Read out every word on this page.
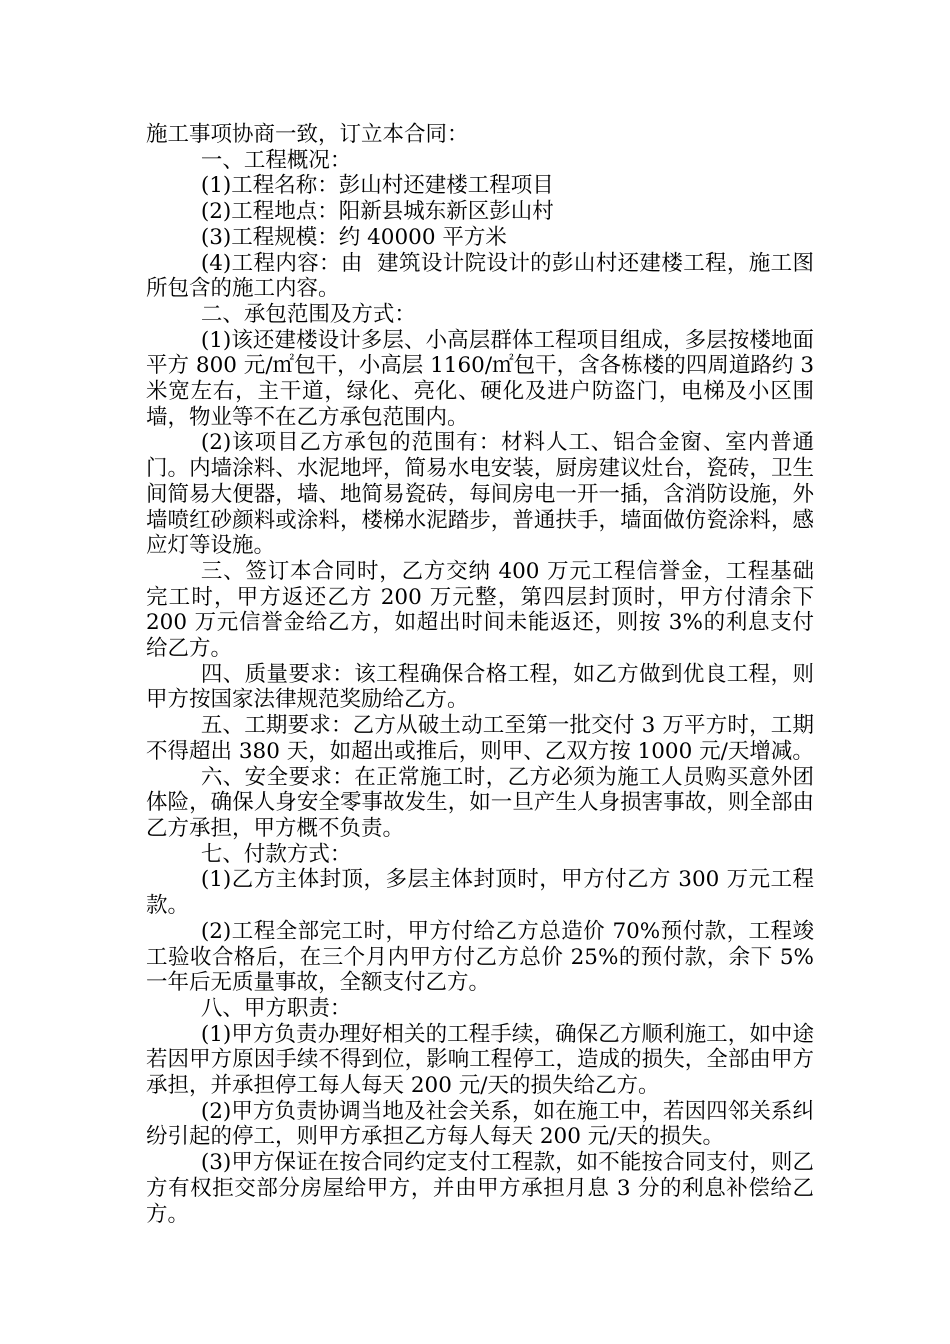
施工事项协商一致，订立本合同：

一、工程概况：

(1)工程名称：彭山村还建楼工程项目

(2)工程地点：阳新县城东新区彭山村

(3)工程规模：约 40000 平方米

(4)工程内容：由  建筑设计院设计的彭山村还建楼工程，施工图所包含的施工内容。

二、承包范围及方式：

(1)该还建楼设计多层、小高层群体工程项目组成，多层按楼地面平方 800 元/㎡包干，小高层 1160/㎡包干，含各栋楼的四周道路约 3 米宽左右，主干道，绿化、亮化、硬化及进户防盗门，电梯及小区围墙，物业等不在乙方承包范围内。

(2)该项目乙方承包的范围有：材料人工、铝合金窗、室内普通门。内墙涂料、水泥地坪，简易水电安装，厨房建议灶台，瓷砖，卫生间简易大便器，墙、地简易瓷砖，每间房电一开一插，含消防设施，外墙喷红砂颜料或涂料，楼梯水泥踏步，普通扶手，墙面做仿瓷涂料，感应灯等设施。

三、签订本合同时，乙方交纳 400 万元工程信誉金，工程基础完工时，甲方返还乙方 200 万元整，第四层封顶时，甲方付清余下 200 万元信誉金给乙方，如超出时间未能返还，则按 3%的利息支付给乙方。

四、质量要求：该工程确保合格工程，如乙方做到优良工程，则甲方按国家法律规范奖励给乙方。

五、工期要求：乙方从破土动工至第一批交付 3 万平方时，工期不得超出 380 天，如超出或推后，则甲、乙双方按 1000 元/天增减。

六、安全要求：在正常施工时，乙方必须为施工人员购买意外团体险，确保人身安全零事故发生，如一旦产生人身损害事故，则全部由乙方承担，甲方概不负责。

七、付款方式：

(1)乙方主体封顶，多层主体封顶时，甲方付乙方 300 万元工程款。

(2)工程全部完工时，甲方付给乙方总造价 70%预付款，工程竣工验收合格后，在三个月内甲方付乙方总价 25%的预付款，余下 5%一年后无质量事故，全额支付乙方。

八、甲方职责：

(1)甲方负责办理好相关的工程手续，确保乙方顺利施工，如中途若因甲方原因手续不得到位，影响工程停工，造成的损失，全部由甲方承担，并承担停工每人每天 200 元/天的损失给乙方。

(2)甲方负责协调当地及社会关系，如在施工中，若因四邻关系纠纷引起的停工，则甲方承担乙方每人每天 200 元/天的损失。

(3)甲方保证在按合同约定支付工程款，如不能按合同支付，则乙方有权拒交部分房屋给甲方，并由甲方承担月息 3 分的利息补偿给乙方。
